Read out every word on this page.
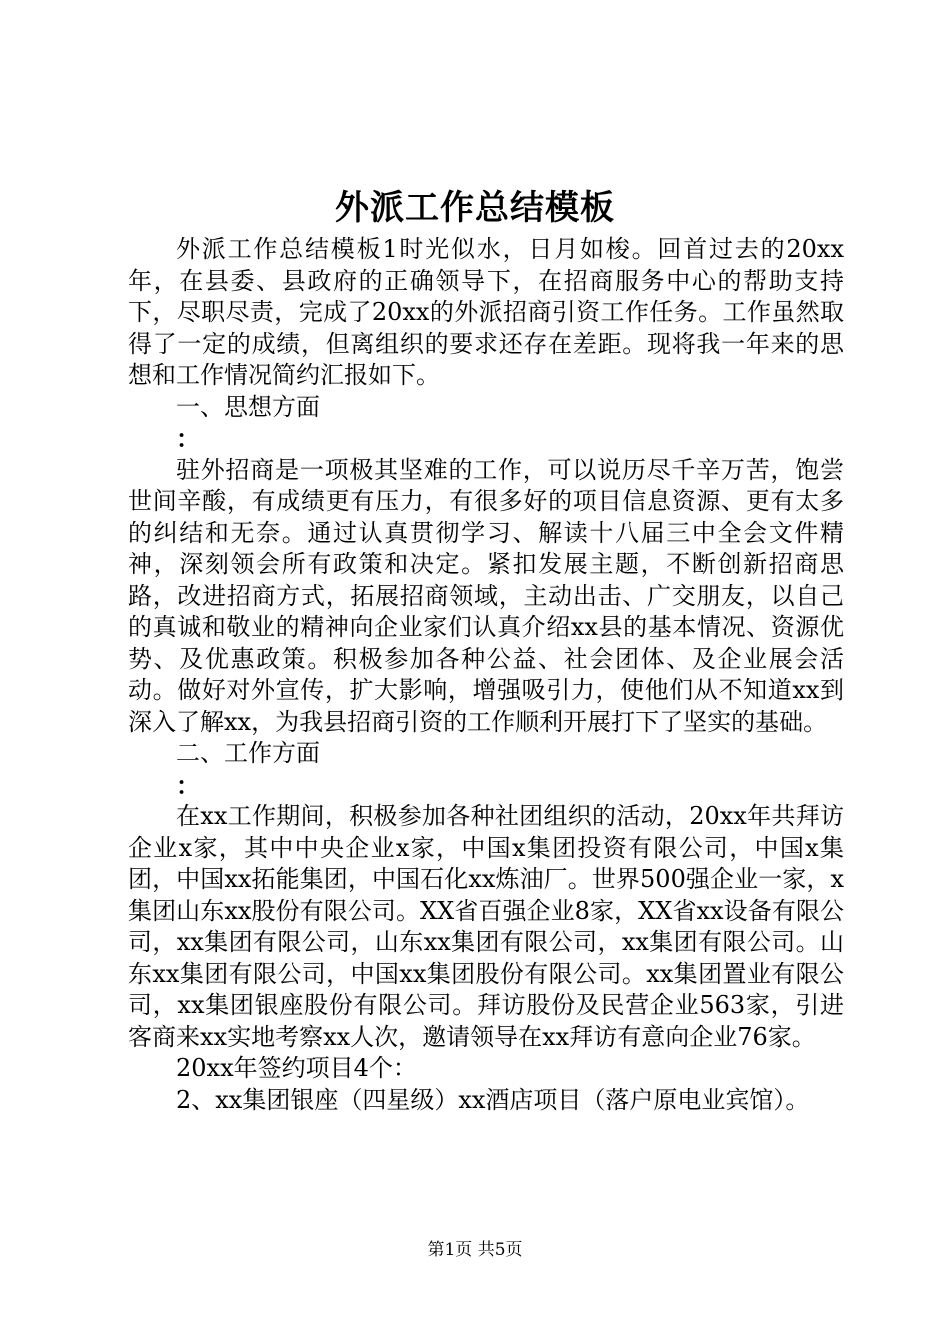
外派工作总结模板

外派工作总结模板1时光似水，日月如梭。回首过去的20xx年，在县委、县政府的正确领导下，在招商服务中心的帮助支持下，尽职尽责，完成了20xx的外派招商引资工作任务。工作虽然取得了一定的成绩，但离组织的要求还存在差距。现将我一年来的思想和工作情况简约汇报如下。

一、思想方面

：

驻外招商是一项极其坚难的工作，可以说历尽千辛万苦，饱尝世间辛酸，有成绩更有压力，有很多好的项目信息资源、更有太多的纠结和无奈。通过认真贯彻学习、解读十八届三中全会文件精神，深刻领会所有政策和决定。紧扣发展主题，不断创新招商思路，改进招商方式，拓展招商领域，主动出击、广交朋友，以自己的真诚和敬业的精神向企业家们认真介绍xx县的基本情况、资源优势、及优惠政策。积极参加各种公益、社会团体、及企业展会活动。做好对外宣传，扩大影响，增强吸引力，使他们从不知道xx到深入了解xx，为我县招商引资的工作顺利开展打下了坚实的基础。

二、工作方面

：

在xx工作期间，积极参加各种社团组织的活动，20xx年共拜访企业x家，其中中央企业x家，中国x集团投资有限公司，中国x集团，中国xx拓能集团，中国石化xx炼油厂。世界500强企业一家，x集团山东xx股份有限公司。XX省百强企业8家，XX省xx设备有限公司，xx集团有限公司，山东xx集团有限公司，xx集团有限公司。山东xx集团有限公司，中国xx集团股份有限公司。xx集团置业有限公司，xx集团银座股份有限公司。拜访股份及民营企业563家，引进客商来xx实地考察xx人次，邀请领导在xx拜访有意向企业76家。

20xx年签约项目4个：

2、xx集团银座（四星级）xx酒店项目（落户原电业宾馆）。

第1页 共5页
